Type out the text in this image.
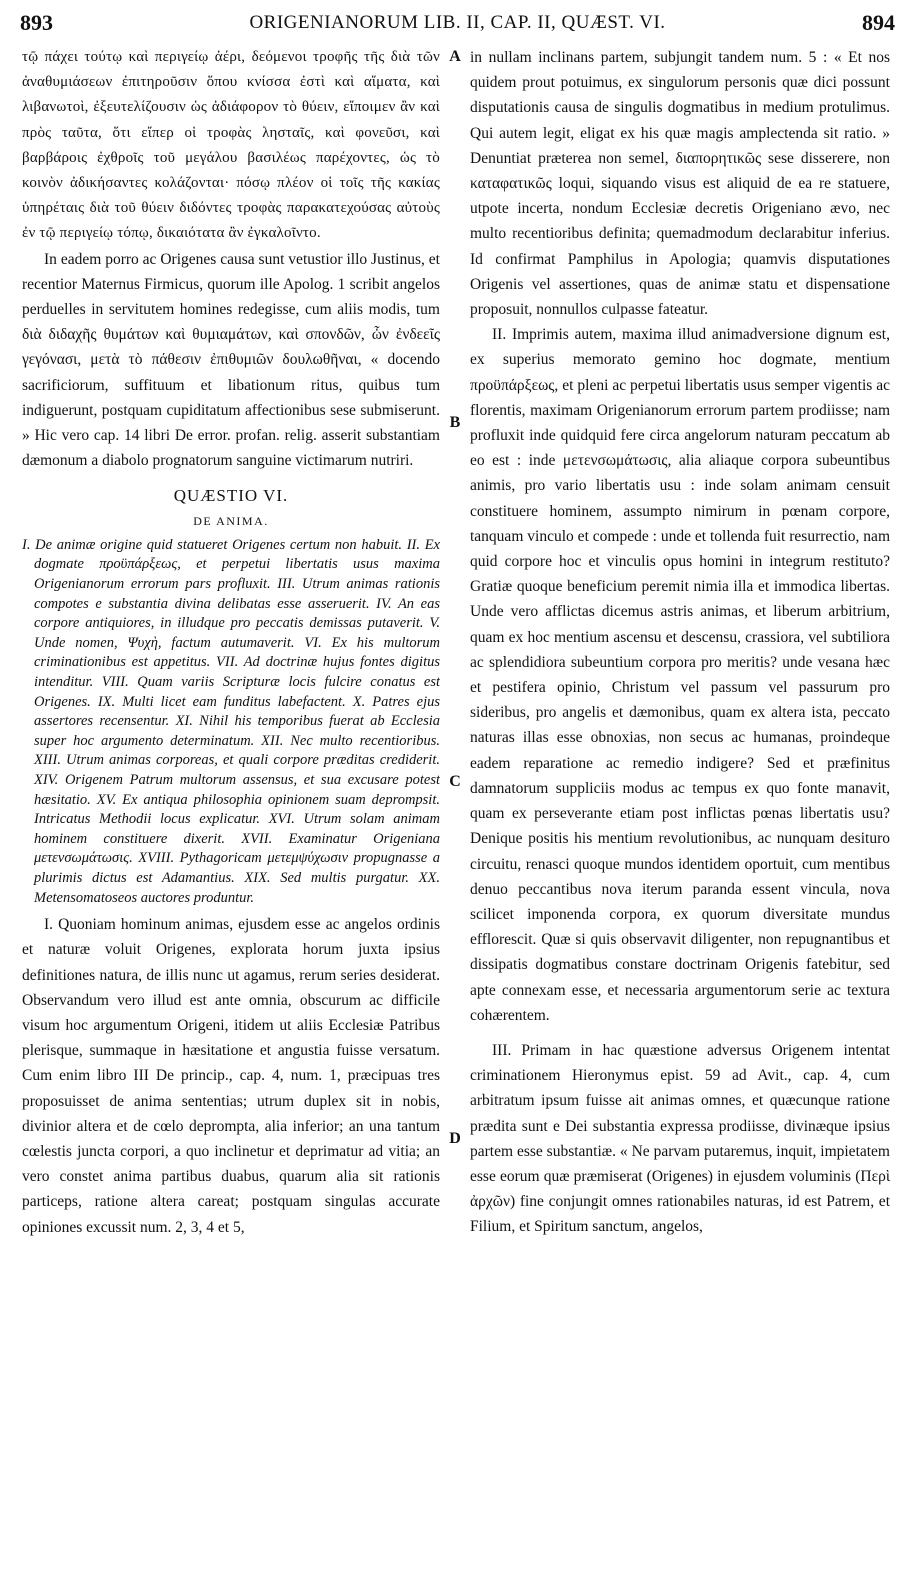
893	ORIGENIANORUM LIB. II, CAP. II, QUÆST. VI.	894

τῷ πάχει τούτῳ καὶ περιγείῳ ἀέρι, δεόμενοι τροφῆς τῆς διὰ τῶν ἀναθυμιάσεων ἐπιτηροῦσιν ὅπου κνίσσα ἐστὶ καὶ αἵματα, καὶ λιβανωτοὶ, ἐξευτελίζουσιν ὡς ἀδιάφορον τὸ θύειν, εἴποιμεν ἂν καὶ πρὸς ταῦτα, ὅτι εἴπερ οἱ τροφὰς λησταῖς, καὶ φονεῦσι, καὶ βαρβάροις ἐχθροῖς τοῦ μεγάλου βασιλέως παρέχοντες, ὡς τὸ κοινὸν ἀδικήσαντες κολάζονται· πόσῳ πλέον οἱ τοῖς τῆς κακίας ὑπηρέταις διὰ τοῦ θύειν διδόντες τροφὰς παρακατεχούσας αὐτοὺς ἐν τῷ περιγείῳ τόπῳ, δικαιότατα ἂν ἐγκαλοῖντο.

In eadem porro ac Origenes causa sunt vetustior illo Justinus, et recentior Maternus Firmicus, quorum ille Apolog. 1 scribit angelos perduelles in servitutem homines redegisse, cum aliis modis, tum διὰ διδαχῆς θυμάτων καὶ θυμιαμάτων, καὶ σπονδῶν, ὧν ἐνδεεῖς γεγόνασι, μετὰ τὸ πάθεσιν ἐπιθυμιῶν δουλωθῆναι, « docendo sacrificiorum, suffituum et libationum ritus, quibus tum indiguerunt, postquam cupiditatum affectionibus sese submiserunt. » Hic vero cap. 14 libri De error. profan. relig. asserit substantiam dæmonum a diabolo prognatorum sanguine victimarum nutriri.

QUÆSTIO VI.
DE ANIMA.

I. De animæ origine quid statueret Origenes certum non habuit. II. Ex dogmate προϋπάρξεως, et perpetui libertatis usus maxima Origenianorum errorum pars profluxit. III. Utrum animas rationis compotes e substantia divina delibatas esse asseruerit. IV. An eas corpore antiquiores, in illudque pro peccatis demissas putaverit. V. Unde nomen, Ψυχὴ, factum autumaverit. VI. Ex his multorum criminationibus est appetitus. VII. Ad doctrinæ hujus fontes digitus intenditur. VIII. Quam variis Scripturæ locis fulcire conatus est Origenes. IX. Multi licet eam funditus labefactent. X. Patres ejus assertores recensentur. XI. Nihil his temporibus fuerat ab Ecclesia super hoc argumento determinatum. XII. Nec multo recentioribus. XIII. Utrum animas corporeas, et quali corpore præditas crediderit. XIV. Origenem Patrum multorum assensus, et sua excusare potest hæsitatio. XV. Ex antiqua philosophia opinionem suam deprompsit. Intricatus Methodii locus explicatur. XVI. Utrum solam animam hominem constituere dixerit. XVII. Examinatur Origeniana μετενσωμάτωσις. XVIII. Pythagoricam μετεμψύχωσιν propugnasse a plurimis dictus est Adamantius. XIX. Sed multis purgatur. XX. Metensomatoseos auctores produntur.

I. Quoniam hominum animas, ejusdem esse ac angelos ordinis et naturæ voluit Origenes, explorata horum juxta ipsius definitiones natura, de illis nunc ut agamus, rerum series desiderat. Observandum vero illud est ante omnia, obscurum ac difficile visum hoc argumentum Origeni, itidem ut aliis Ecclesiæ Patribus plerisque, summaque in hæsitatione et angustia fuisse versatum. Cum enim libro III De princip., cap. 4, num. 1, præcipuas tres proposuisset de anima sententias; utrum duplex sit in nobis, divinior altera et de cœlo deprompta, alia inferior; an una tantum cœlestis juncta corpori, a quo inclinetur et deprimatur ad vitia; an vero constet anima partibus duabus, quarum alia sit rationis particeps, ratione altera careat; postquam singulas accurate opiniones excussit num. 2, 3, 4 et 5,

A
B
C
D

in nullam inclinans partem, subjungit tandem num. 5 : « Et nos quidem prout potuimus, ex singulorum personis quæ dici possunt disputationis causa de singulis dogmatibus in medium protulimus. Qui autem legit, eligat ex his quæ magis amplectenda sit ratio. » Denuntiat præterea non semel, διαπορητικῶς sese disserere, non καταφατικῶς loqui, siquando visus est aliquid de ea re statuere, utpote incerta, nondum Ecclesiæ decretis Origeniano ævo, nec multo recentioribus definita; quemadmodum declarabitur inferius. Id confirmat Pamphilus in Apologia; quamvis disputationes Origenis vel assertiones, quas de animæ statu et dispensatione proposuit, nonnullos culpasse fateatur.

II. Imprimis autem, maxima illud animadversione dignum est, ex superius memorato gemino hoc dogmate, mentium προϋπάρξεως, et pleni ac perpetui libertatis usus semper vigentis ac florentis, maximam Origenianorum errorum partem prodiisse; nam profluxit inde quidquid fere circa angelorum naturam peccatum ab eo est : inde μετενσωμάτωσις, alia aliaque corpora subeuntibus animis, pro vario libertatis usu : inde solam animam censuit constituere hominem, assumpto nimirum in pœnam corpore, tanquam vinculo et compede : unde et tollenda fuit resurrectio, nam quid corpore hoc et vinculis opus homini in integrum restituto? Gratiæ quoque beneficium peremit nimia illa et immodica libertas. Unde vero afflictas dicemus astris animas, et liberum arbitrium, quam ex hoc mentium ascensu et descensu, crassiora, vel subtiliora ac splendidiora subeuntium corpora pro meritis? unde vesana hæc et pestifera opinio, Christum vel passum vel passurum pro sideribus, pro angelis et dæmonibus, quam ex altera ista, peccato naturas illas esse obnoxias, non secus ac humanas, proindeque eadem reparatione ac remedio indigere? Sed et præfinitus damnatorum suppliciis modus ac tempus ex quo fonte manavit, quam ex perseverante etiam post inflictas pœnas libertatis usu? Denique positis his mentium revolutionibus, ac nunquam desituro circuitu, renasci quoque mundos identidem oportuit, cum mentibus denuo peccantibus nova iterum paranda essent vincula, nova scilicet imponenda corpora, ex quorum diversitate mundus efflorescit. Quæ si quis observavit diligenter, non repugnantibus et dissipatis dogmatibus constare doctrinam Origenis fatebitur, sed apte connexam esse, et necessaria argumentorum serie ac textura cohærentem.

III. Primam in hac quæstione adversus Origenem intentat criminationem Hieronymus epist. 59 ad Avit., cap. 4, cum arbitratum ipsum fuisse ait animas omnes, et quæcunque ratione prædita sunt e Dei substantia expressa prodiisse, divinæque ipsius partem esse substantiæ. « Ne parvam putaremus, inquit, impietatem esse eorum quæ præmiserat (Origenes) in ejusdem voluminis (Περὶ ἀρχῶν) fine conjungit omnes rationabiles naturas, id est Patrem, et Filium, et Spiritum sanctum, angelos,
